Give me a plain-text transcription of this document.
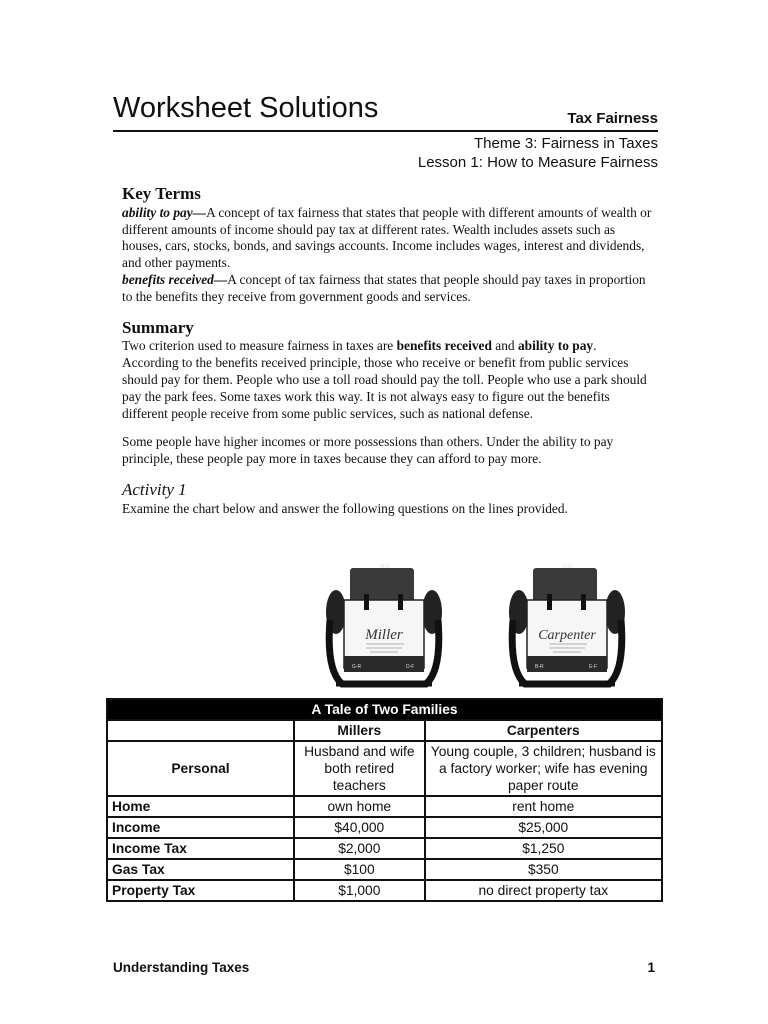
Worksheet Solutions	Tax Fairness
Theme 3: Fairness in Taxes
Lesson 1: How to Measure Fairness
Key Terms

ability to pay—A concept of tax fairness that states that people with different amounts of wealth or different amounts of income should pay tax at different rates. Wealth includes assets such as houses, cars, stocks, bonds, and savings accounts. Income includes wages, interest and dividends, and other payments.

benefits received—A concept of tax fairness that states that people should pay taxes in proportion to the benefits they receive from government goods and services.

Summary

Two criterion used to measure fairness in taxes are benefits received and ability to pay. According to the benefits received principle, those who receive or benefit from public services should pay for them. People who use a toll road should pay the toll. People who use a park should pay the park fees. Some taxes work this way. It is not always easy to figure out the benefits different people receive from some public services, such as national defense.

Some people have higher incomes or more possessions than others. Under the ability to pay principle, these people pay more in taxes because they can afford to pay more.

Activity 1

Examine the chart below and answer the following questions on the lines provided.

M-S
Miller
G-R	D-F
C-D
Carpenter
B-R	E-F
A Tale of Two Families		
	Millers	Carpenters
Personal	Husband and wife both retired teachers	Young couple, 3 children; husband is a factory worker; wife has evening paper route
Home	own home	rent home
Income	$40,000	$25,000
Income Tax	$2,000	$1,250
Gas Tax	$100	$350
Property Tax	$1,000	no direct property tax
Understanding Taxes	1
